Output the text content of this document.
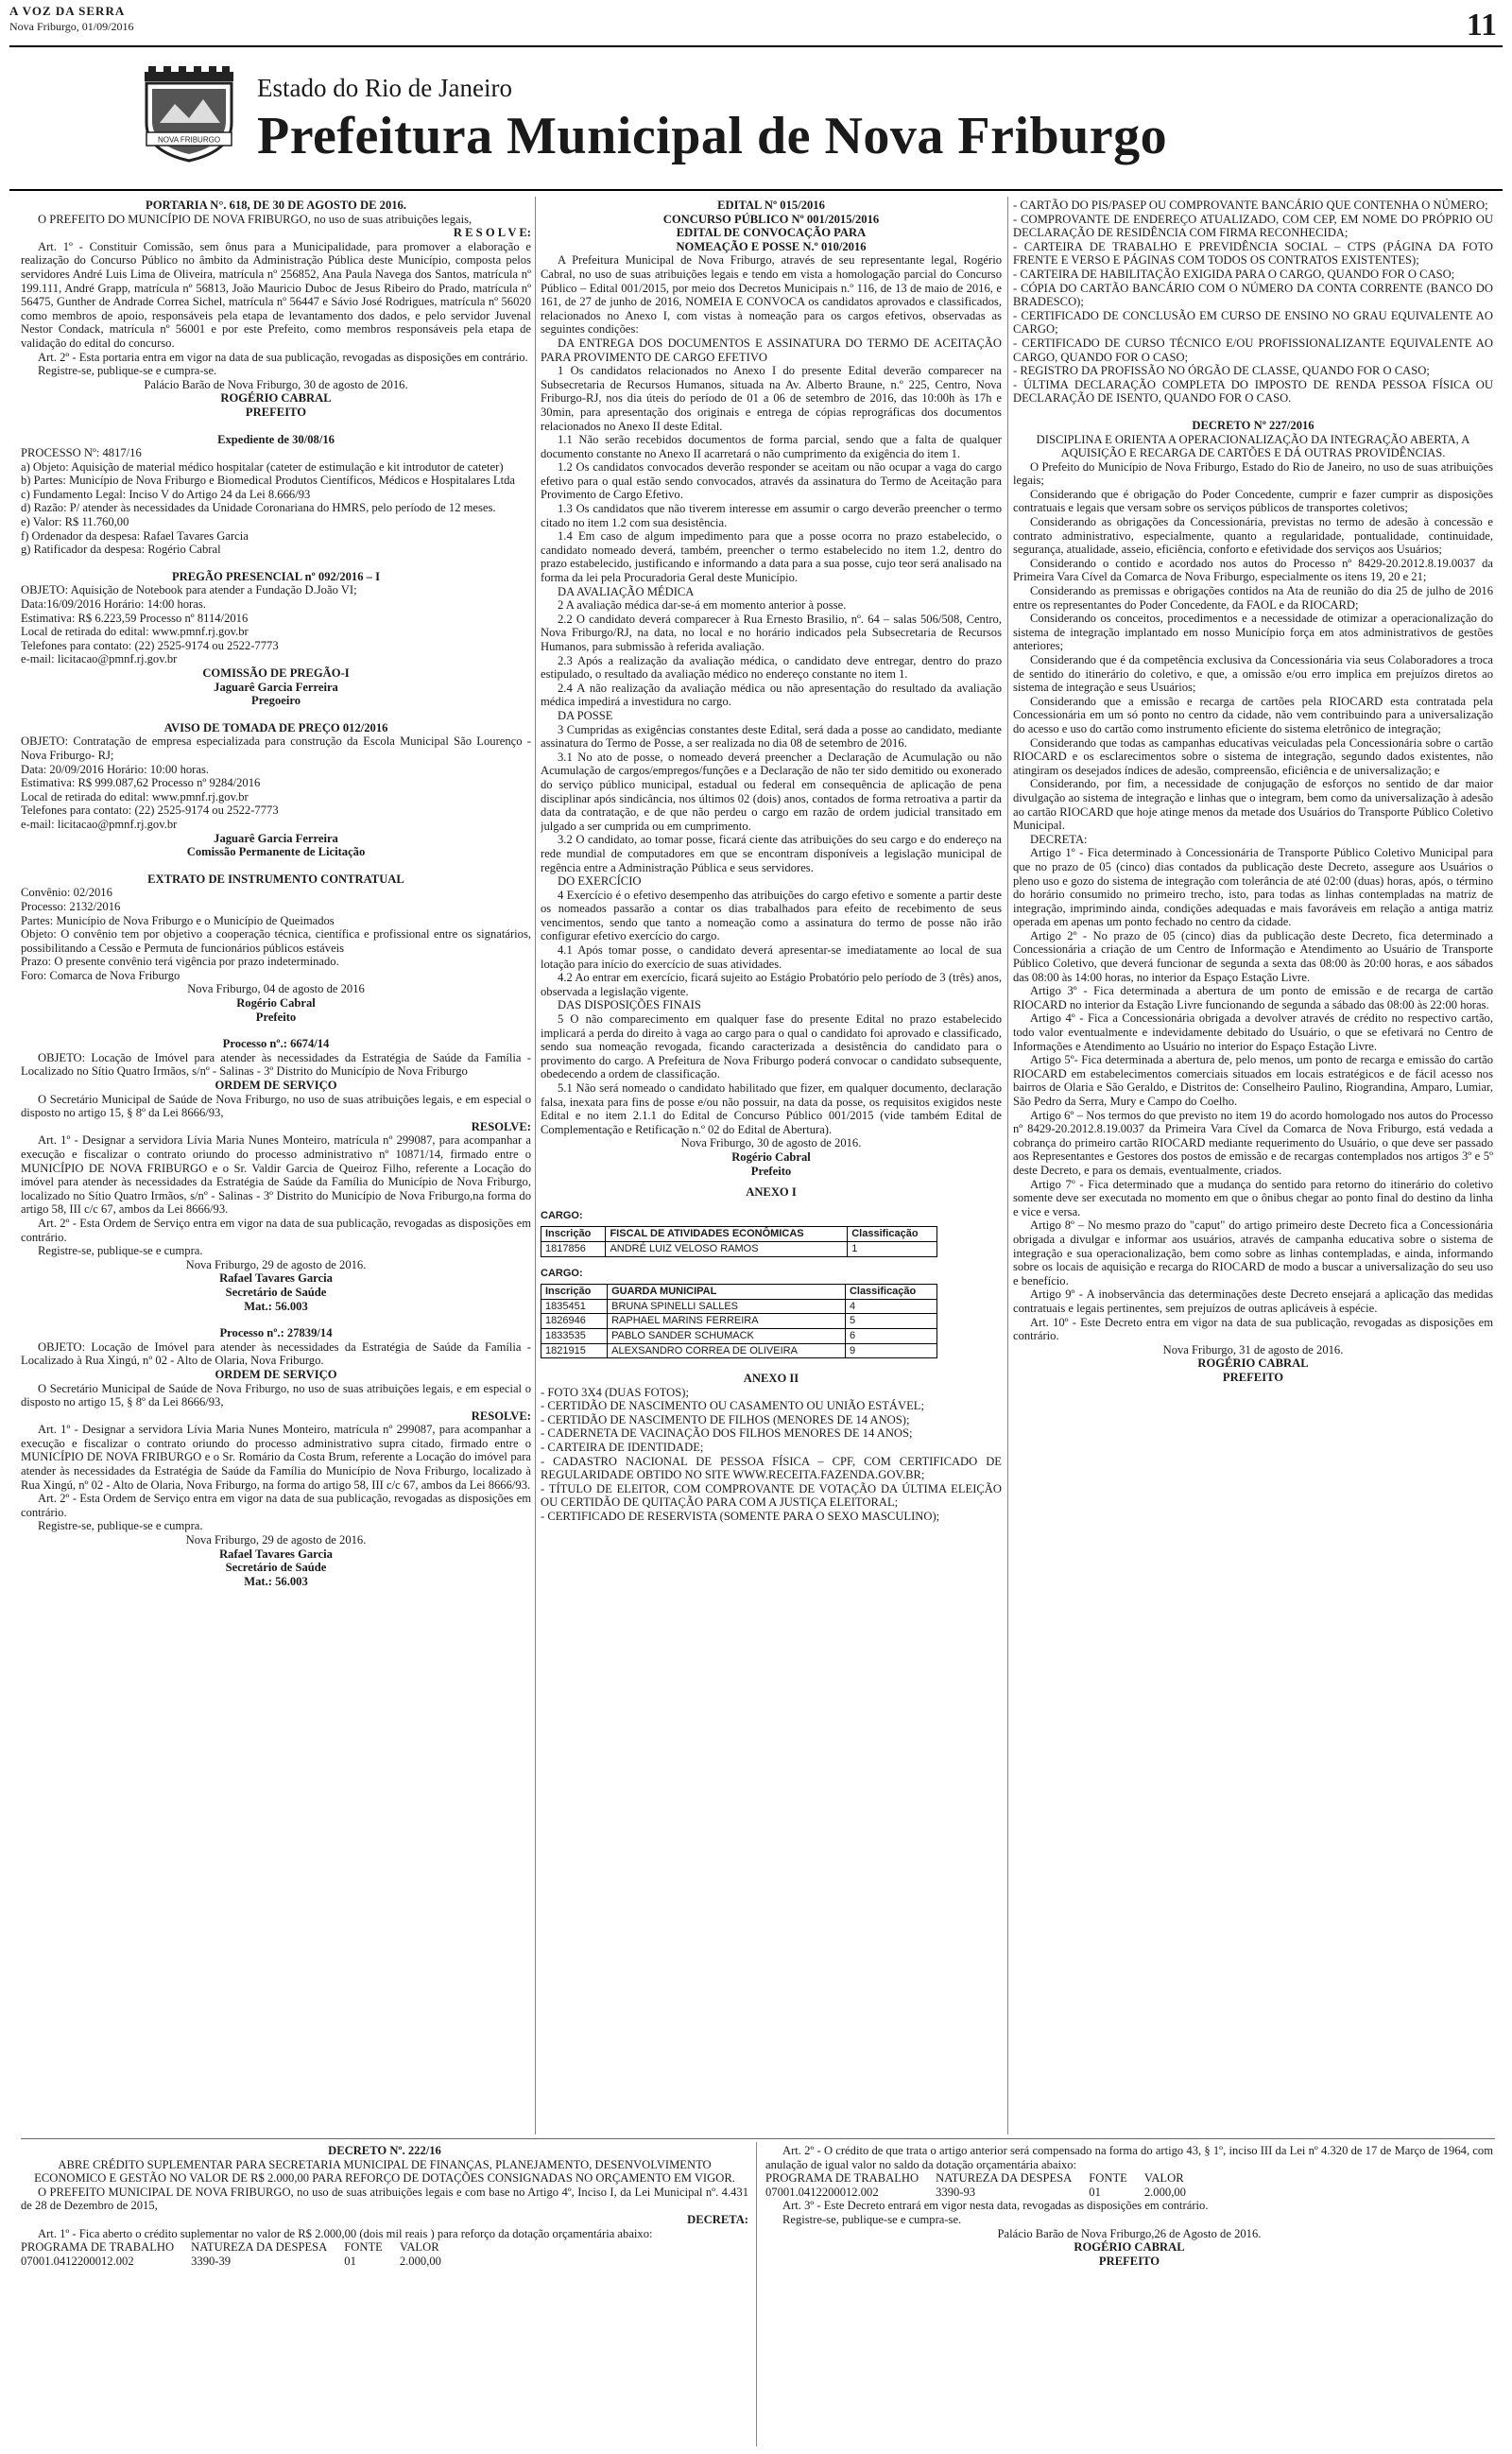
A VOZ DA SERRA
Nova Friburgo, 01/09/2016	11
NOVA FRIBURGO
Estado do Rio de Janeiro
Prefeitura Municipal de Nova Friburgo

PORTARIA N°. 618, DE 30 DE AGOSTO DE 2016.

O PREFEITO DO MUNICÍPIO DE NOVA FRIBURGO, no uso de suas atribuições legais,

R E S O L V E:

Art. 1º - Constituir Comissão, sem ônus para a Municipalidade, para promover a elaboração e realização do Concurso Público no âmbito da Administração Pública deste Município, composta pelos servidores André Luis Lima de Oliveira, matrícula nº 256852, Ana Paula Navega dos Santos, matrícula nº 199.111, André Grapp, matrícula nº 56813, João Mauricio Duboc de Jesus Ribeiro do Prado, matrícula nº 56475, Gunther de Andrade Correa Sichel, matrícula nº 56447 e Sávio José Rodrigues, matrícula nº 56020 como membros de apoio, responsáveis pela etapa de levantamento dos dados, e pelo servidor Juvenal Nestor Condack, matrícula nº 56001 e por este Prefeito, como membros responsáveis pela etapa de validação do edital do concurso.

Art. 2º - Esta portaria entra em vigor na data de sua publicação, revogadas as disposições em contrário.

Registre-se, publique-se e cumpra-se.

Palácio Barão de Nova Friburgo, 30 de agosto de 2016.

ROGÉRIO CABRAL

PREFEITO

Expediente de 30/08/16

PROCESSO Nº: 4817/16

a) Objeto: Aquisição de material médico hospitalar (cateter de estimulação e kit introdutor de cateter)

b) Partes: Município de Nova Friburgo e Biomedical Produtos Científicos, Médicos e Hospitalares Ltda

c) Fundamento Legal: Inciso V do Artigo 24 da Lei 8.666/93

d) Razão: P/ atender às necessidades da Unidade Coronariana do HMRS, pelo período de 12 meses.

e) Valor: R$ 11.760,00

f) Ordenador da despesa: Rafael Tavares Garcia

g) Ratificador da despesa: Rogério Cabral

PREGÃO PRESENCIAL nº 092/2016 – I

OBJETO: Aquisição de Notebook para atender a Fundação D.João VI;

Data:16/09/2016 Horário: 14:00 horas.

Estimativa: R$ 6.223,59 Processo nº 8114/2016

Local de retirada do edital: www.pmnf.rj.gov.br

Telefones para contato: (22) 2525-9174 ou 2522-7773

e-mail: licitacao@pmnf.rj.gov.br

COMISSÃO DE PREGÃO-I

Jaguarê Garcia Ferreira

Pregoeiro

AVISO DE TOMADA DE PREÇO 012/2016

OBJETO: Contratação de empresa especializada para construção da Escola Municipal São Lourenço - Nova Friburgo- RJ;

Data: 20/09/2016 Horário: 10:00 horas.

Estimativa: R$ 999.087,62 Processo nº 9284/2016

Local de retirada do edital: www.pmnf.rj.gov.br

Telefones para contato: (22) 2525-9174 ou 2522-7773

e-mail: licitacao@pmnf.rj.gov.br

Jaguarê Garcia Ferreira

Comissão Permanente de Licitação

EXTRATO DE INSTRUMENTO CONTRATUAL

Convênio: 02/2016

Processo: 2132/2016

Partes: Município de Nova Friburgo e o Município de Queimados

Objeto: O convênio tem por objetivo a cooperação técnica, científica e profissional entre os signatários, possibilitando a Cessão e Permuta de funcionários públicos estáveis

Prazo: O presente convênio terá vigência por prazo indeterminado.

Foro: Comarca de Nova Friburgo

Nova Friburgo, 04 de agosto de 2016

Rogério Cabral

Prefeito

Processo nº.: 6674/14

OBJETO: Locação de Imóvel para atender às necessidades da Estratégia de Saúde da Família - Localizado no Sítio Quatro Irmãos, s/nº - Salinas - 3º Distrito do Município de Nova Friburgo

ORDEM DE SERVIÇO

O Secretário Municipal de Saúde de Nova Friburgo, no uso de suas atribuições legais, e em especial o disposto no artigo 15, § 8º da Lei 8666/93,

RESOLVE:

Art. 1º - Designar a servidora Lívia Maria Nunes Monteiro, matrícula nº 299087, para acompanhar a execução e fiscalizar o contrato oriundo do processo administrativo nº 10871/14, firmado entre o MUNICÍPIO DE NOVA FRIBURGO e o Sr. Valdir Garcia de Queiroz Filho, referente a Locação do imóvel para atender às necessidades da Estratégia de Saúde da Família do Município de Nova Friburgo, localizado no Sítio Quatro Irmãos, s/nº - Salinas - 3º Distrito do Município de Nova Friburgo,na forma do artigo 58, III c/c 67, ambos da Lei 8666/93.

Art. 2º - Esta Ordem de Serviço entra em vigor na data de sua publicação, revogadas as disposições em contrário.

Registre-se, publique-se e cumpra.

Nova Friburgo, 29 de agosto de 2016.

Rafael Tavares Garcia

Secretário de Saúde

Mat.: 56.003

Processo nº.: 27839/14

OBJETO: Locação de Imóvel para atender às necessidades da Estratégia de Saúde da Família - Localizado à Rua Xingú, nº 02 - Alto de Olaria, Nova Friburgo.

ORDEM DE SERVIÇO

O Secretário Municipal de Saúde de Nova Friburgo, no uso de suas atribuições legais, e em especial o disposto no artigo 15, § 8º da Lei 8666/93,

RESOLVE:

Art. 1º - Designar a servidora Lívia Maria Nunes Monteiro, matrícula nº 299087, para acompanhar a execução e fiscalizar o contrato oriundo do processo administrativo supra citado, firmado entre o MUNICÍPIO DE NOVA FRIBURGO e o Sr. Romário da Costa Brum, referente a Locação do imóvel para atender às necessidades da Estratégia de Saúde da Família do Município de Nova Friburgo, localizado à Rua Xingú, nº 02 - Alto de Olaria, Nova Friburgo, na forma do artigo 58, III c/c 67, ambos da Lei 8666/93.

Art. 2º - Esta Ordem de Serviço entra em vigor na data de sua publicação, revogadas as disposições em contrário.

Registre-se, publique-se e cumpra.

Nova Friburgo, 29 de agosto de 2016.

Rafael Tavares Garcia

Secretário de Saúde

Mat.: 56.003

EDITAL Nº 015/2016

CONCURSO PÚBLICO Nº 001/2015/2016

EDITAL DE CONVOCAÇÃO PARA

NOMEAÇÃO E POSSE N.º 010/2016

A Prefeitura Municipal de Nova Friburgo, através de seu representante legal, Rogério Cabral, no uso de suas atribuições legais e tendo em vista a homologação parcial do Concurso Público – Edital 001/2015, por meio dos Decretos Municipais n.º 116, de 13 de maio de 2016, e 161, de 27 de junho de 2016, NOMEIA E CONVOCA os candidatos aprovados e classificados, relacionados no Anexo I, com vistas à nomeação para os cargos efetivos, observadas as seguintes condições:

DA ENTREGA DOS DOCUMENTOS E ASSINATURA DO TERMO DE ACEITAÇÃO PARA PROVIMENTO DE CARGO EFETIVO

1 Os candidatos relacionados no Anexo I do presente Edital deverão comparecer na Subsecretaria de Recursos Humanos, situada na Av. Alberto Braune, n.º 225, Centro, Nova Friburgo-RJ, nos dia úteis do período de 01 a 06 de setembro de 2016, das 10:00h às 17h e 30min, para apresentação dos originais e entrega de cópias reprográficas dos documentos relacionados no Anexo II deste Edital.

1.1 Não serão recebidos documentos de forma parcial, sendo que a falta de qualquer documento constante no Anexo II acarretará o não cumprimento da exigência do item 1.

1.2 Os candidatos convocados deverão responder se aceitam ou não ocupar a vaga do cargo efetivo para o qual estão sendo convocados, através da assinatura do Termo de Aceitação para Provimento de Cargo Efetivo.

1.3 Os candidatos que não tiverem interesse em assumir o cargo deverão preencher o termo citado no item 1.2 com sua desistência.

1.4 Em caso de algum impedimento para que a posse ocorra no prazo estabelecido, o candidato nomeado deverá, também, preencher o termo estabelecido no item 1.2, dentro do prazo estabelecido, justificando e informando a data para a sua posse, cujo teor será analisado na forma da lei pela Procuradoria Geral deste Município.

DA AVALIAÇÃO MÉDICA

2 A avaliação médica dar-se-á em momento anterior à posse.

2.2 O candidato deverá comparecer à Rua Ernesto Brasilio, nº. 64 – salas 506/508, Centro, Nova Friburgo/RJ, na data, no local e no horário indicados pela Subsecretaria de Recursos Humanos, para submissão à referida avaliação.

2.3 Após a realização da avaliação médica, o candidato deve entregar, dentro do prazo estipulado, o resultado da avaliação médico no endereço constante no item 1.

2.4 A não realização da avaliação médica ou não apresentação do resultado da avaliação médica impedirá a investidura no cargo.

DA POSSE

3 Cumpridas as exigências constantes deste Edital, será dada a posse ao candidato, mediante assinatura do Termo de Posse, a ser realizada no dia 08 de setembro de 2016.

3.1 No ato de posse, o nomeado deverá preencher a Declaração de Acumulação ou não Acumulação de cargos/empregos/funções e a Declaração de não ter sido demitido ou exonerado do serviço público municipal, estadual ou federal em consequência de aplicação de pena disciplinar após sindicância, nos últimos 02 (dois) anos, contados de forma retroativa a partir da data da contratação, e de que não perdeu o cargo em razão de ordem judicial transitado em julgado a ser cumprida ou em cumprimento.

3.2 O candidato, ao tomar posse, ficará ciente das atribuições do seu cargo e do endereço na rede mundial de computadores em que se encontram disponíveis a legislação municipal de regência entre a Administração Pública e seus servidores.

DO EXERCÍCIO

4 Exercício é o efetivo desempenho das atribuições do cargo efetivo e somente a partir deste os nomeados passarão a contar os dias trabalhados para efeito de recebimento de seus vencimentos, sendo que tanto a nomeação como a assinatura do termo de posse não irão configurar efetivo exercício do cargo.

4.1 Após tomar posse, o candidato deverá apresentar-se imediatamente ao local de sua lotação para início do exercício de suas atividades.

4.2 Ao entrar em exercício, ficará sujeito ao Estágio Probatório pelo período de 3 (três) anos, observada a legislação vigente.

DAS DISPOSIÇÕES FINAIS

5 O não comparecimento em qualquer fase do presente Edital no prazo estabelecido implicará a perda do direito à vaga ao cargo para o qual o candidato foi aprovado e classificado, sendo sua nomeação revogada, ficando caracterizada a desistência do candidato para o provimento do cargo. A Prefeitura de Nova Friburgo poderá convocar o candidato subsequente, obedecendo a ordem de classificação.

5.1 Não será nomeado o candidato habilitado que fizer, em qualquer documento, declaração falsa, inexata para fins de posse e/ou não possuir, na data da posse, os requisitos exigidos neste Edital e no item 2.1.1 do Edital de Concurso Público 001/2015 (vide também Edital de Complementação e Retificação n.º 02 do Edital de Abertura).

Nova Friburgo, 30 de agosto de 2016.

Rogério Cabral

Prefeito

ANEXO I

CARGO:
Inscrição	FISCAL DE ATIVIDADES ECONÔMICAS	Classificação
1817856	ANDRÉ LUIZ VELOSO RAMOS	1
CARGO:
Inscrição	GUARDA MUNICIPAL	Classificação
1835451	BRUNA SPINELLI SALLES	4
1826946	RAPHAEL MARINS FERREIRA	5
1833535	PABLO SANDER SCHUMACK	6
1821915	ALEXSANDRO CORREA DE OLIVEIRA	9

ANEXO II

- FOTO 3X4 (DUAS FOTOS);

- CERTIDÃO DE NASCIMENTO OU CASAMENTO OU UNIÃO ESTÁVEL;

- CERTIDÃO DE NASCIMENTO DE FILHOS (MENORES DE 14 ANOS);

- CADERNETA DE VACINAÇÃO DOS FILHOS MENORES DE 14 ANOS;

- CARTEIRA DE IDENTIDADE;

- CADASTRO NACIONAL DE PESSOA FÍSICA – CPF, COM CERTIFICADO DE REGULARIDADE OBTIDO NO SITE WWW.RECEITA.FAZENDA.GOV.BR;

- TÍTULO DE ELEITOR, COM COMPROVANTE DE VOTAÇÃO DA ÚLTIMA ELEIÇÃO OU CERTIDÃO DE QUITAÇÃO PARA COM A JUSTIÇA ELEITORAL;

- CERTIFICADO DE RESERVISTA (SOMENTE PARA O SEXO MASCULINO);

- CARTÃO DO PIS/PASEP OU COMPROVANTE BANCÁRIO QUE CONTENHA O NÚMERO;

- COMPROVANTE DE ENDEREÇO ATUALIZADO, COM CEP, EM NOME DO PRÓPRIO OU DECLARAÇÃO DE RESIDÊNCIA COM FIRMA RECONHECIDA;

- CARTEIRA DE TRABALHO E PREVIDÊNCIA SOCIAL – CTPS (PÁGINA DA FOTO FRENTE E VERSO E PÁGINAS COM TODOS OS CONTRATOS EXISTENTES);

- CARTEIRA DE HABILITAÇÃO EXIGIDA PARA O CARGO, QUANDO FOR O CASO;

- CÓPIA DO CARTÃO BANCÁRIO COM O NÚMERO DA CONTA CORRENTE (BANCO DO BRADESCO);

- CERTIFICADO DE CONCLUSÃO EM CURSO DE ENSINO NO GRAU EQUIVALENTE AO CARGO;

- CERTIFICADO DE CURSO TÉCNICO E/OU PROFISSIONALIZANTE EQUIVALENTE AO CARGO, QUANDO FOR O CASO;

- REGISTRO DA PROFISSÃO NO ÓRGÃO DE CLASSE, QUANDO FOR O CASO;

- ÚLTIMA DECLARAÇÃO COMPLETA DO IMPOSTO DE RENDA PESSOA FÍSICA OU DECLARAÇÃO DE ISENTO, QUANDO FOR O CASO.

DECRETO Nº 227/2016

DISCIPLINA E ORIENTA A OPERACIONALIZAÇÃO DA INTEGRAÇÃO ABERTA, A AQUISIÇÃO E RECARGA DE CARTÕES E DÁ OUTRAS PROVIDÊNCIAS.

O Prefeito do Município de Nova Friburgo, Estado do Rio de Janeiro, no uso de suas atribuições legais;

Considerando que é obrigação do Poder Concedente, cumprir e fazer cumprir as disposições contratuais e legais que versam sobre os serviços públicos de transportes coletivos;

Considerando as obrigações da Concessionária, previstas no termo de adesão à concessão e contrato administrativo, especialmente, quanto a regularidade, pontualidade, continuidade, segurança, atualidade, asseio, eficiência, conforto e efetividade dos serviços aos Usuários;

Considerando o contido e acordado nos autos do Processo nº 8429-20.2012.8.19.0037 da Primeira Vara Cível da Comarca de Nova Friburgo, especialmente os itens 19, 20 e 21;

Considerando as premissas e obrigações contidos na Ata de reunião do dia 25 de julho de 2016 entre os representantes do Poder Concedente, da FAOL e da RIOCARD;

Considerando os conceitos, procedimentos e a necessidade de otimizar a operacionalização do sistema de integração implantado em nosso Município força em atos administrativos de gestões anteriores;

Considerando que é da competência exclusiva da Concessionária via seus Colaboradores a troca de sentido do itinerário do coletivo, e que, a omissão e/ou erro implica em prejuízos diretos ao sistema de integração e seus Usuários;

Considerando que a emissão e recarga de cartões pela RIOCARD esta contratada pela Concessionária em um só ponto no centro da cidade, não vem contribuindo para a universalização do acesso e uso do cartão como instrumento eficiente do sistema eletrônico de integração;

Considerando que todas as campanhas educativas veiculadas pela Concessionária sobre o cartão RIOCARD e os esclarecimentos sobre o sistema de integração, segundo dados existentes, não atingiram os desejados índices de adesão, compreensão, eficiência e de universalização; e

Considerando, por fim, a necessidade de conjugação de esforços no sentido de dar maior divulgação ao sistema de integração e linhas que o integram, bem como da universalização à adesão ao cartão RIOCARD que hoje atinge menos da metade dos Usuários do Transporte Público Coletivo Municipal.

DECRETA:

Artigo 1º - Fica determinado à Concessionária de Transporte Público Coletivo Municipal para que no prazo de 05 (cinco) dias contados da publicação deste Decreto, assegure aos Usuários o pleno uso e gozo do sistema de integração com tolerância de até 02:00 (duas) horas, após, o término do horário consumido no primeiro trecho, isto, para todas as linhas contempladas na matriz de integração, imprimindo ainda, condições adequadas e mais favoráveis em relação a antiga matriz operada em apenas um ponto fechado no centro da cidade.

Artigo 2º - No prazo de 05 (cinco) dias da publicação deste Decreto, fica determinado a Concessionária a criação de um Centro de Informação e Atendimento ao Usuário de Transporte Público Coletivo, que deverá funcionar de segunda a sexta das 08:00 às 20:00 horas, e aos sábados das 08:00 às 14:00 horas, no interior da Espaço Estação Livre.

Artigo 3º - Fica determinada a abertura de um ponto de emissão e de recarga de cartão RIOCARD no interior da Estação Livre funcionando de segunda a sábado das 08:00 às 22:00 horas.

Artigo 4º - Fica a Concessionária obrigada a devolver através de crédito no respectivo cartão, todo valor eventualmente e indevidamente debitado do Usuário, o que se efetivará no Centro de Informações e Atendimento ao Usuário no interior do Espaço Estação Livre.

Artigo 5º- Fica determinada a abertura de, pelo menos, um ponto de recarga e emissão do cartão RIOCARD em estabelecimentos comerciais situados em locais estratégicos e de fácil acesso nos bairros de Olaria e São Geraldo, e Distritos de: Conselheiro Paulino, Riograndina, Amparo, Lumiar, São Pedro da Serra, Mury e Campo do Coelho.

Artigo 6º – Nos termos do que previsto no item 19 do acordo homologado nos autos do Processo nº 8429-20.2012.8.19.0037 da Primeira Vara Cível da Comarca de Nova Friburgo, está vedada a cobrança do primeiro cartão RIOCARD mediante requerimento do Usuário, o que deve ser passado aos Representantes e Gestores dos postos de emissão e de recargas contemplados nos artigos 3º e 5º deste Decreto, e para os demais, eventualmente, criados.

Artigo 7º - Fica determinado que a mudança do sentido para retorno do itinerário do coletivo somente deve ser executada no momento em que o ônibus chegar ao ponto final do destino da linha e vice e versa.

Artigo 8º – No mesmo prazo do "caput" do artigo primeiro deste Decreto fica a Concessionária obrigada a divulgar e informar aos usuários, através de campanha educativa sobre o sistema de integração e sua operacionalização, bem como sobre as linhas contempladas, e ainda, informando sobre os locais de aquisição e recarga do RIOCARD de modo a buscar a universalização do seu uso e benefício.

Artigo 9º - A inobservância das determinações deste Decreto ensejará a aplicação das medidas contratuais e legais pertinentes, sem prejuízos de outras aplicáveis à espécie.

Art. 10º - Este Decreto entra em vigor na data de sua publicação, revogadas as disposições em contrário.

Nova Friburgo, 31 de agosto de 2016.

ROGÉRIO CABRAL

PREFEITO

DECRETO Nº. 222/16

ABRE CRÉDITO SUPLEMENTAR PARA SECRETARIA MUNICIPAL DE FINANÇAS, PLANEJAMENTO, DESENVOLVIMENTO ECONOMICO E GESTÃO NO VALOR DE R$ 2.000,00 PARA REFORÇO DE DOTAÇÕES CONSIGNADAS NO ORÇAMENTO EM VIGOR.

O PREFEITO MUNICIPAL DE NOVA FRIBURGO, no uso de suas atribuições legais e com base no Artigo 4º, Inciso I, da Lei Municipal nº. 4.431 de 28 de Dezembro de 2015,

DECRETA:

Art. 1º - Fica aberto o crédito suplementar no valor de R$ 2.000,00 (dois mil reais ) para reforço da dotação orçamentária abaixo:

PROGRAMA DE TRABALHO	NATUREZA DA DESPESA	FONTE	VALOR
07001.0412200012.002	3390-39	01	2.000,00

Art. 2º - O crédito de que trata o artigo anterior será compensado na forma do artigo 43, § 1º, inciso III da Lei nº 4.320 de 17 de Março de 1964, com anulação de igual valor no saldo da dotação orçamentária abaixo:

PROGRAMA DE TRABALHO	NATUREZA DA DESPESA	FONTE	VALOR
07001.0412200012.002	3390-93	01	2.000,00

Art. 3º - Este Decreto entrará em vigor nesta data, revogadas as disposições em contrário.

Registre-se, publique-se e cumpra-se.

Palácio Barão de Nova Friburgo,26 de Agosto de 2016.

ROGÉRIO CABRAL

PREFEITO
